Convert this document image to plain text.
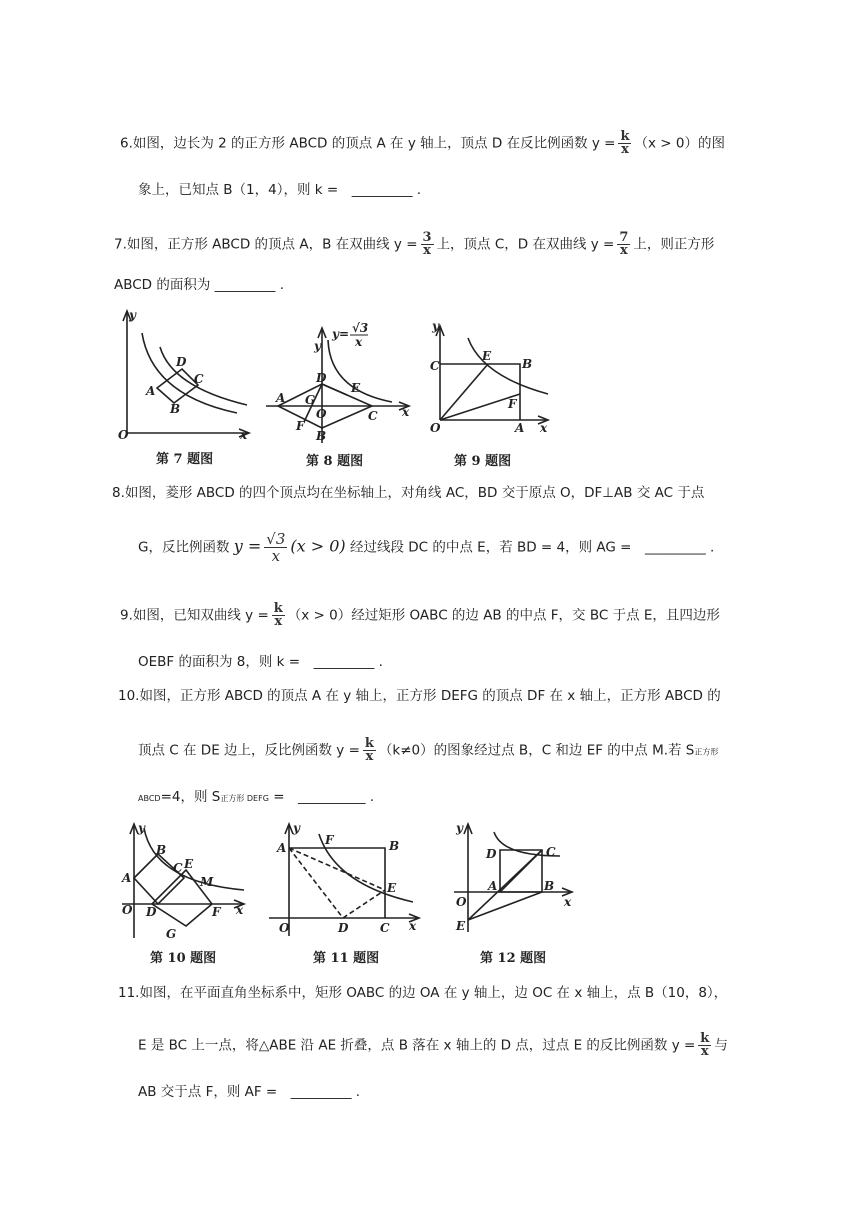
6.如图，边长为 2 的正方形 ABCD 的顶点 A 在 y 轴上，顶点 D 在反比例函数 $y = \frac{k}{x} (x > 0)$的图
象上，已知点 B（1，4），则 k =　_________ .
7.如图，正方形 ABCD 的顶点 A，B 在双曲线 $y = \frac{3}{x}$ 上，顶点 C，D 在双曲线 $y = \frac{7}{x}$ 上，则正方形
ABCD 的面积为 _________ .
y
D
C
A
B
O	x
第 7 题图
y
y= √3
x
D
E
A G
O	C
F
B
x
第 8 题图
y
C
E
B
F
O	A x
第 9 题图
8.如图，菱形 ABCD 的四个顶点均在坐标轴上，对角线 AC，BD 交于原点 O，DF⊥AB 交 AC 于点
G，反比例函数 $y = \frac{√3}{x} (x > 0)$ 经过线段 DC 的中点 E，若 BD = 4，则 AG =　_________ .
9.如图，已知双曲线 $y = \frac{k}{x} (x > 0)$经过矩形 OABC 的边 AB 的中点 F，交 BC 于点 E，且四边形
OEBF 的面积为 8，则 k =　_________ .
10.如图，正方形 ABCD 的顶点 A 在 y 轴上，正方形 DEFG 的顶点 DF 在 x 轴上，正方形 ABCD 的
顶点 C 在 DE 边上，反比例函数 $y = \frac{k}{x} (k\ne 0)$的图象经过点 B，C 和边 EF 的中点 M.若 S正方形
ABCD=4，则 S正方形 DEFG =　__________ .
y
B
C E
M
A
O D	F x
G
第 10 题图
y
F	B
A
E
O	D	C x
第 11 题图
y
D	C
A	B
O	x
E
第 12 题图
11.如图，在平面直角坐标系中，矩形 OABC 的边 OA 在 y 轴上，边 OC 在 x 轴上，点 B（10，8），
E 是 BC 上一点，将△ABE 沿 AE 折叠，点 B 落在 x 轴上的 D 点，过点 E 的反比例函数 $y = \frac{k}{x}$ 与
AB 交于点 F，则 AF =　_________ .
